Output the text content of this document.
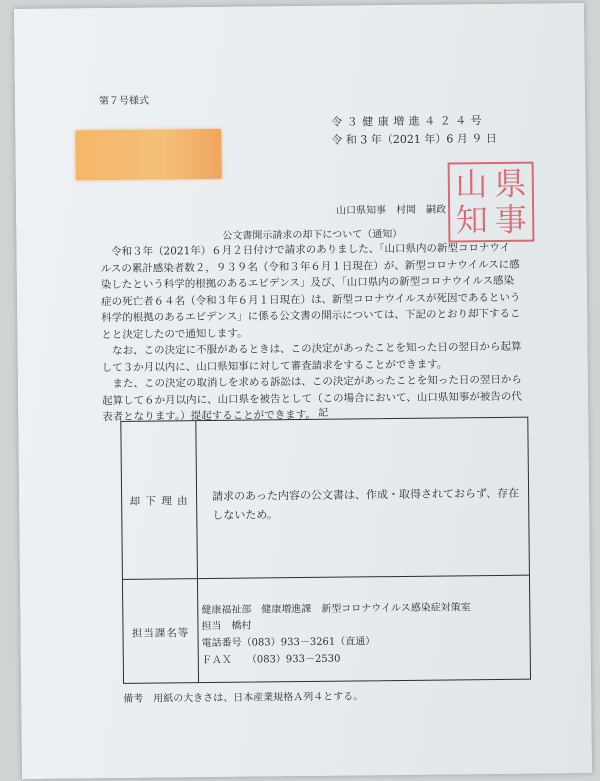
第７号様式
令 ３ 健 康 増 進 ４ ２ ４ 号
令 和 3 年（2021 年）6 月 ９ 日
山 県
知 事
山口県知事　村岡　嗣政
公文書開示請求の却下について（通知）

　令和３年（2021年）６月２日付けで請求のありました、「山口県内の新型コロナウイルスの累計感染者数２，９３９名（令和３年６月１日現在）が、新型コロナウイルスに感染したという科学的根拠のあるエビデンス」及び、「山口県内の新型コロナウイルス感染症の死亡者６４名（令和３年６月１日現在）は、新型コロナウイルスが死因であるという科学的根拠のあるエビデンス」に係る公文書の開示については、下記のとおり却下することと決定したので通知します。

　なお、この決定に不服があるときは、この決定があったことを知った日の翌日から起算して３か月以内に、山口県知事に対して審査請求をすることができます。

　また、この決定の取消しを求める訴訟は、この決定があったことを知った日の翌日から起算して６か月以内に、山口県を被告として（この場合において、山口県知事が被告の代表者となります。）提起することができます。 記
却 下 理 由	請求のあった内容の公文書は、作成・取得されておらず、存在しないため。
担当課名等
健康福祉部　健康増進課　新型コロナウイルス感染症対策室
担当　橋村
電話番号（083）933－3261（直通）
ＦＡＸ　　（083）933－2530
備考　用紙の大きさは、日本産業規格Ａ列４とする。
